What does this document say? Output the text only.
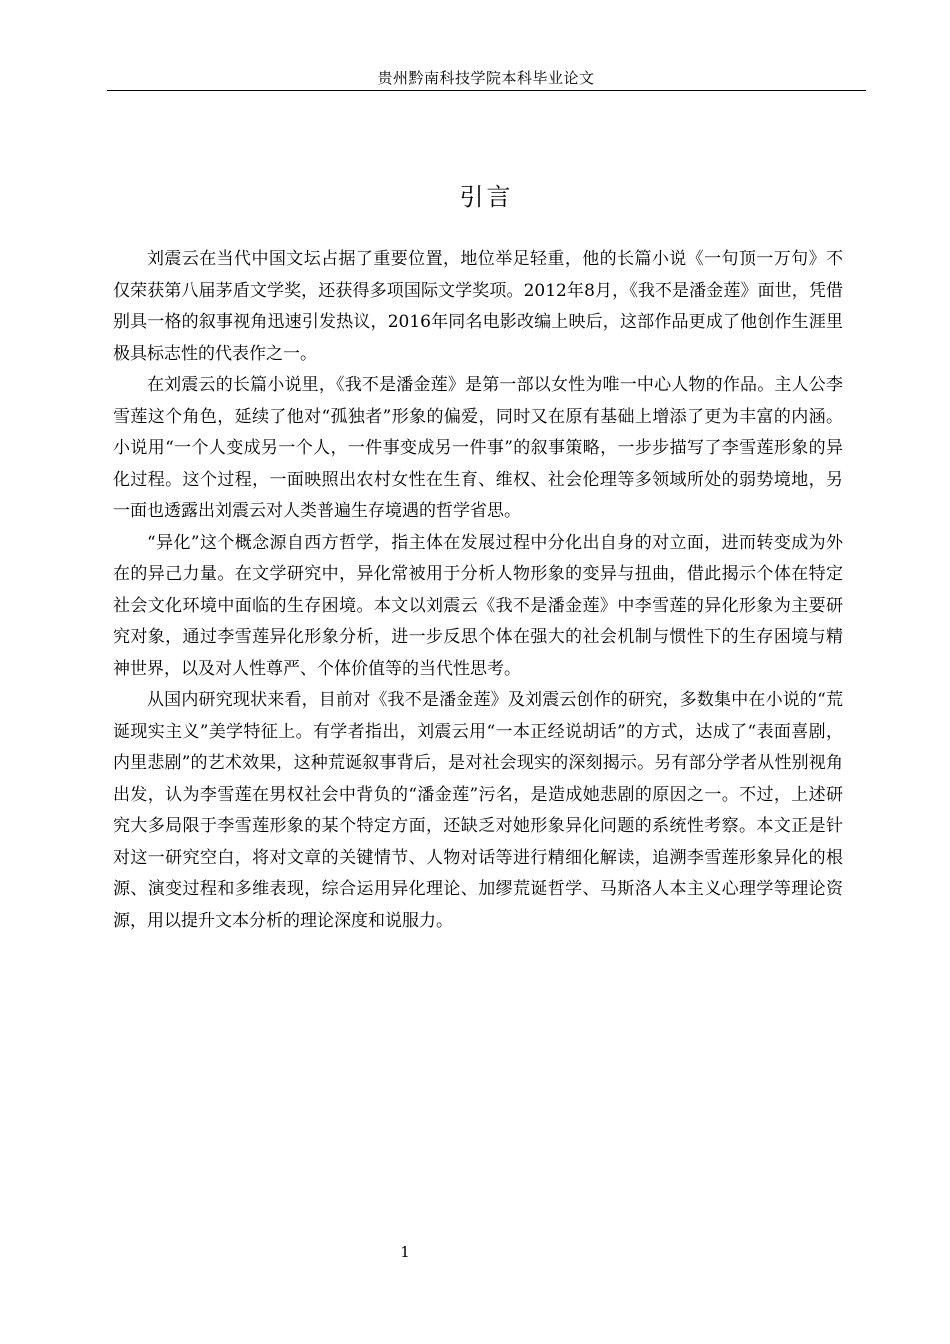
贵州黔南科技学院本科毕业论文
引言

刘震云在当代中国文坛占据了重要位置，地位举足轻重，他的长篇小说《一句顶一万句》不仅荣获第八届茅盾文学奖，还获得多项国际文学奖项。2012年8月，《我不是潘金莲》面世，凭借别具一格的叙事视角迅速引发热议，2016年同名电影改编上映后，这部作品更成了他创作生涯里极具标志性的代表作之一。

在刘震云的长篇小说里，《我不是潘金莲》是第一部以女性为唯一中心人物的作品。主人公李雪莲这个角色，延续了他对“孤独者”形象的偏爱，同时又在原有基础上增添了更为丰富的内涵。小说用“一个人变成另一个人，一件事变成另一件事”的叙事策略，一步步描写了李雪莲形象的异化过程。这个过程，一面映照出农村女性在生育、维权、社会伦理等多领域所处的弱势境地，另一面也透露出刘震云对人类普遍生存境遇的哲学省思。

“异化”这个概念源自西方哲学，指主体在发展过程中分化出自身的对立面，进而转变成为外在的异己力量。在文学研究中，异化常被用于分析人物形象的变异与扭曲，借此揭示个体在特定社会文化环境中面临的生存困境。本文以刘震云《我不是潘金莲》中李雪莲的异化形象为主要研究对象，通过李雪莲异化形象分析，进一步反思个体在强大的社会机制与惯性下的生存困境与精神世界，以及对人性尊严、个体价值等的当代性思考。

从国内研究现状来看，目前对《我不是潘金莲》及刘震云创作的研究，多数集中在小说的“荒诞现实主义”美学特征上。有学者指出，刘震云用“一本正经说胡话”的方式，达成了“表面喜剧，内里悲剧”的艺术效果，这种荒诞叙事背后，是对社会现实的深刻揭示。另有部分学者从性别视角出发，认为李雪莲在男权社会中背负的“潘金莲”污名，是造成她悲剧的原因之一。不过，上述研究大多局限于李雪莲形象的某个特定方面，还缺乏对她形象异化问题的系统性考察。本文正是针对这一研究空白，将对文章的关键情节、人物对话等进行精细化解读，追溯李雪莲形象异化的根源、演变过程和多维表现，综合运用异化理论、加缪荒诞哲学、马斯洛人本主义心理学等理论资源，用以提升文本分析的理论深度和说服力。

1
